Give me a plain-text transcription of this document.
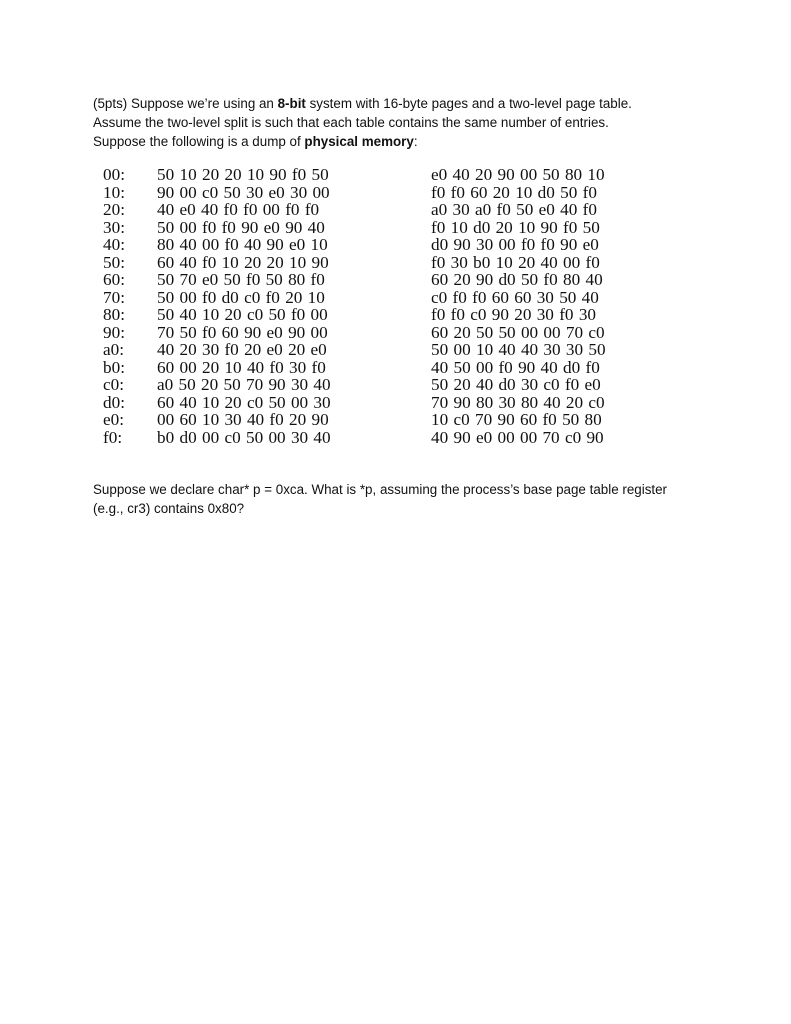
(5pts) Suppose we’re using an 8-bit system with 16-byte pages and a two-level page table.

Assume the two-level split is such that each table contains the same number of entries.

Suppose the following is a dump of physical memory:

00:	50 10 20 20 10 90 f0 50	e0 40 20 90 00 50 80 10
10:	90 00 c0 50 30 e0 30 00	f0 f0 60 20 10 d0 50 f0
20:	40 e0 40 f0 f0 00 f0 f0	a0 30 a0 f0 50 e0 40 f0
30:	50 00 f0 f0 90 e0 90 40	f0 10 d0 20 10 90 f0 50
40:	80 40 00 f0 40 90 e0 10	d0 90 30 00 f0 f0 90 e0
50:	60 40 f0 10 20 20 10 90	f0 30 b0 10 20 40 00 f0
60:	50 70 e0 50 f0 50 80 f0	60 20 90 d0 50 f0 80 40
70:	50 00 f0 d0 c0 f0 20 10	c0 f0 f0 60 60 30 50 40
80:	50 40 10 20 c0 50 f0 00	f0 f0 c0 90 20 30 f0 30
90:	70 50 f0 60 90 e0 90 00	60 20 50 50 00 00 70 c0
a0:	40 20 30 f0 20 e0 20 e0	50 00 10 40 40 30 30 50
b0:	60 00 20 10 40 f0 30 f0	40 50 00 f0 90 40 d0 f0
c0:	a0 50 20 50 70 90 30 40	50 20 40 d0 30 c0 f0 e0
d0:	60 40 10 20 c0 50 00 30	70 90 80 30 80 40 20 c0
e0:	00 60 10 30 40 f0 20 90	10 c0 70 90 60 f0 50 80
f0:	b0 d0 00 c0 50 00 30 40	40 90 e0 00 00 70 c0 90

Suppose we declare char* p = 0xca. What is *p, assuming the process’s base page table register

(e.g., cr3) contains 0x80?
